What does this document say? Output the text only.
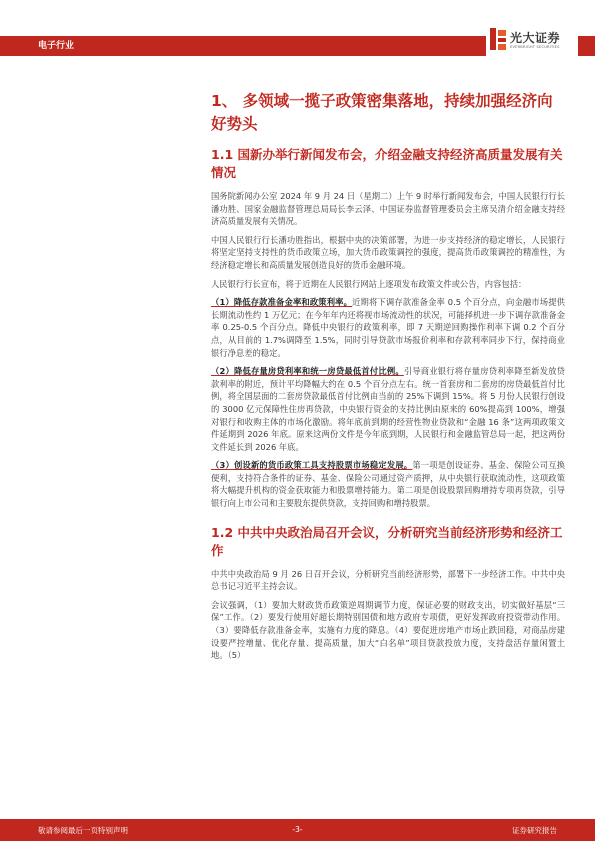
电子行业
光大证券
EVERBRIGHT SECURITIES
1、 多领域一揽子政策密集落地，持续加强经济向好势头
1.1 国新办举行新闻发布会，介绍金融支持经济高质量发展有关情况

国务院新闻办公室 2024 年 9 月 24 日（星期二）上午 9 时举行新闻发布会，中国人民银行行长潘功胜、国家金融监督管理总局局长李云泽、中国证券监督管理委员会主席吴清介绍金融支持经济高质量发展有关情况。

中国人民银行行长潘功胜指出，根据中央的决策部署，为进一步支持经济的稳定增长，人民银行将坚定坚持支持性的货币政策立场，加大货币政策调控的强度，提高货币政策调控的精准性，为经济稳定增长和高质量发展创造良好的货币金融环境。

人民银行行长宣布，将于近期在人民银行网站上逐项发布政策文件或公告，内容包括：

（1）降低存款准备金率和政策利率。近期将下调存款准备金率 0.5 个百分点，向金融市场提供长期流动性约 1 万亿元；在今年年内还将视市场流动性的状况，可能择机进一步下调存款准备金率 0.25-0.5 个百分点。降低中央银行的政策利率，即 7 天期逆回购操作利率下调 0.2 个百分点，从目前的 1.7%调降至 1.5%，同时引导贷款市场报价利率和存款利率同步下行，保持商业银行净息差的稳定。

（2）降低存量房贷利率和统一房贷最低首付比例。引导商业银行将存量房贷利率降至新发放贷款利率的附近，预计平均降幅大约在 0.5 个百分点左右。统一首套房和二套房的房贷最低首付比例，将全国层面的二套房贷款最低首付比例由当前的 25%下调到 15%。将 5 月份人民银行创设的 3000 亿元保障性住房再贷款，中央银行资金的支持比例由原来的 60%提高到 100%，增强对银行和收购主体的市场化激励。将年底前到期的经营性物业贷款和“金融 16 条”这两项政策文件延期到 2026 年底。原来这两份文件是今年底到期，人民银行和金融监管总局一起，把这两份文件延长到 2026 年底。

（3）创设新的货币政策工具支持股票市场稳定发展。第一项是创设证券、基金、保险公司互换便利，支持符合条件的证券、基金、保险公司通过资产质押，从中央银行获取流动性，这项政策将大幅提升机构的资金获取能力和股票增持能力。第二项是创设股票回购增持专项再贷款，引导银行向上市公司和主要股东提供贷款，支持回购和增持股票。

1.2 中共中央政治局召开会议，分析研究当前经济形势和经济工作

中共中央政治局 9 月 26 日召开会议，分析研究当前经济形势，部署下一步经济工作。中共中央总书记习近平主持会议。

会议强调，（1）要加大财政货币政策逆周期调节力度，保证必要的财政支出，切实做好基层“三保”工作。（2）要发行使用好超长期特别国债和地方政府专项债，更好发挥政府投资带动作用。（3）要降低存款准备金率，实施有力度的降息。（4）要促进房地产市场止跌回稳，对商品房建设要严控增量、优化存量、提高质量，加大“白名单”项目贷款投放力度，支持盘活存量闲置土地。（5）

敬请参阅最后一页特别声明	-3-	证券研究报告
